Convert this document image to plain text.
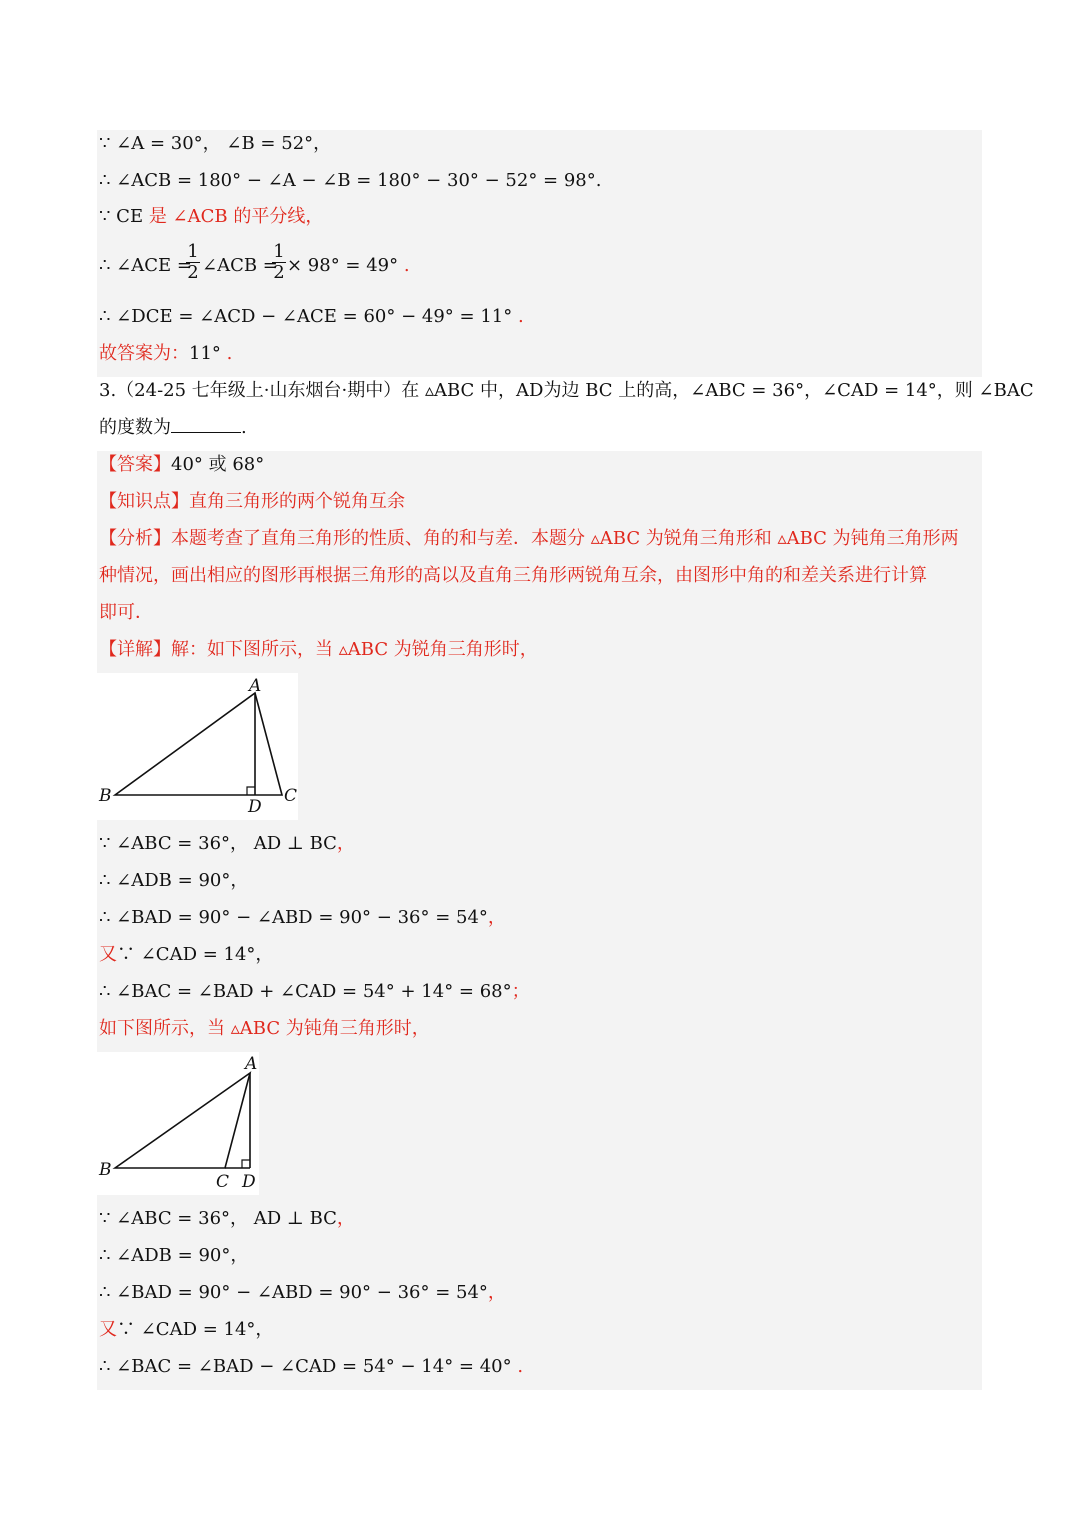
∵ ∠A = 30°， ∠B = 52°，
∴ ∠ACB = 180° − ∠A − ∠B = 180° − 30° − 52° = 98°.
∵ CE 是 ∠ACB 的平分线，
∴ ∠ACE =
$\frac{1}{2}$ ∠ACB =
$\frac{1}{2} \times 98^\circ = 49^\circ$ .
∴ ∠DCE = ∠ACD − ∠ACE = 60° − 49° = 11° .
故答案为：11° .
3.（24-25 七年级上·山东烟台·期中）在 ▵ABC 中，AD为边 BC 上的高，∠ABC = 36°，∠CAD = 14°，则 ∠BAC
的度数为	.
【答案】40° 或 68°
【知识点】直角三角形的两个锐角互余
【分析】本题考查了直角三角形的性质、角的和与差．本题分 ▵ABC 为锐角三角形和 ▵ABC 为钝角三角形两
种情况，画出相应的图形再根据三角形的高以及直角三角形两锐角互余，由图形中角的和差关系进行计算
即可．
【详解】解：如下图所示，当 ▵ABC 为锐角三角形时，
A
B	C
D
∵ ∠ABC = 36°， AD ⊥ BC，
∴ ∠ADB = 90°，
∴ ∠BAD = 90° − ∠ABD = 90° − 36° = 54°，
又∵ ∠CAD = 14°，
∴ ∠BAC = ∠BAD + ∠CAD = 54° + 14° = 68°；
如下图所示，当 ▵ABC 为钝角三角形时，
A
B
C D
∵ ∠ABC = 36°， AD ⊥ BC，
∴ ∠ADB = 90°，
∴ ∠BAD = 90° − ∠ABD = 90° − 36° = 54°，
又∵ ∠CAD = 14°，
∴ ∠BAC = ∠BAD − ∠CAD = 54° − 14° = 40° .
